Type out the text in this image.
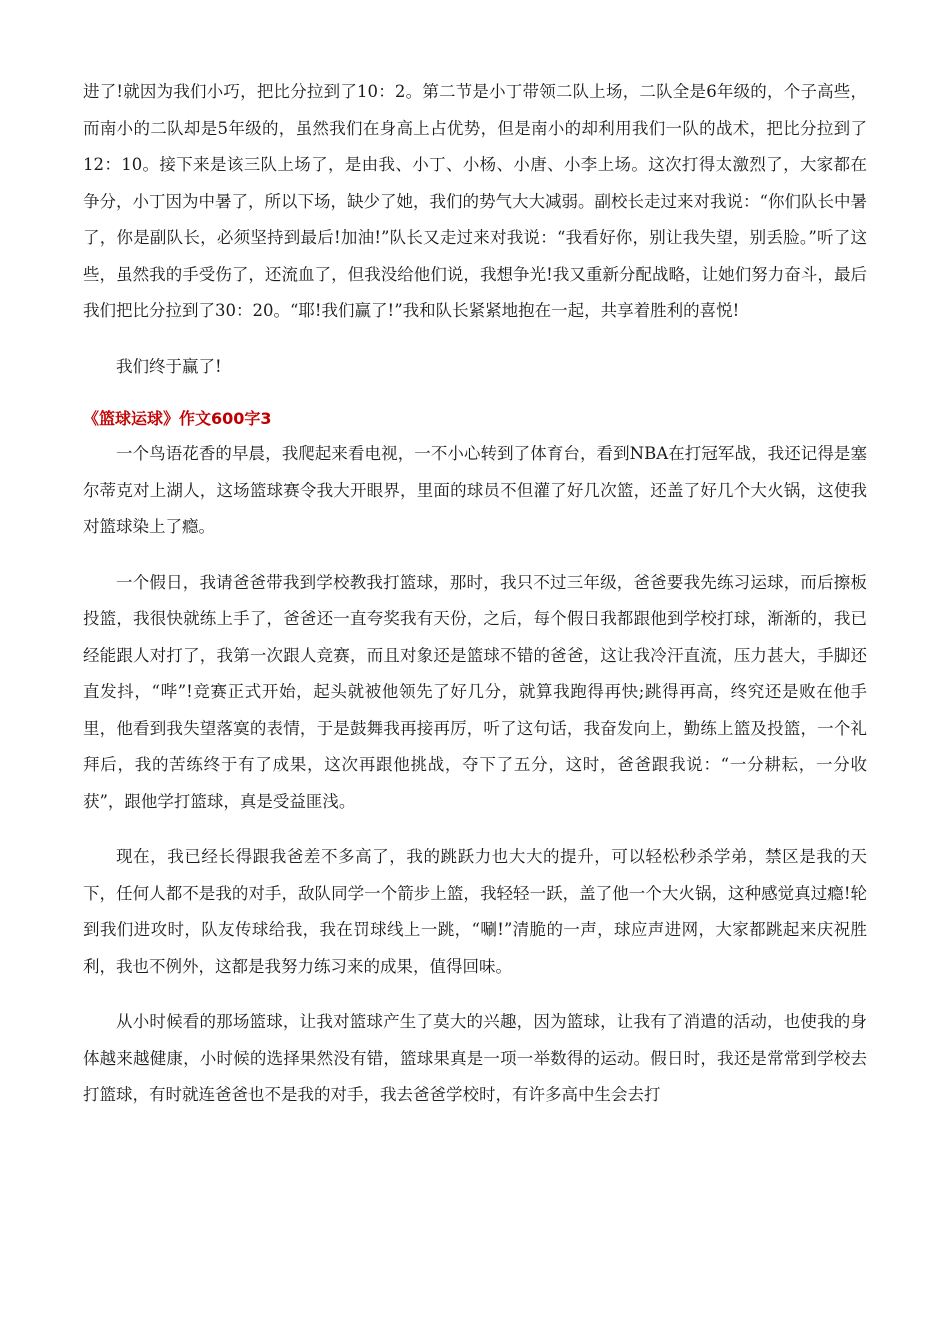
进了!就因为我们小巧，把比分拉到了10：2。第二节是小丁带领二队上场，二队全是6年级的，个子高些，而南小的二队却是5年级的，虽然我们在身高上占优势，但是南小的却利用我们一队的战术，把比分拉到了12：10。接下来是该三队上场了，是由我、小丁、小杨、小唐、小李上场。这次打得太激烈了，大家都在争分，小丁因为中暑了，所以下场，缺少了她，我们的势气大大减弱。副校长走过来对我说：“你们队长中暑了，你是副队长，必须坚持到最后!加油!”队长又走过来对我说：“我看好你，别让我失望，别丢脸。”听了这些，虽然我的手受伤了，还流血了，但我没给他们说，我想争光!我又重新分配战略，让她们努力奋斗，最后我们把比分拉到了30：20。“耶!我们赢了!”我和队长紧紧地抱在一起，共享着胜利的喜悦!

我们终于赢了!

《篮球运球》作文600字3

一个鸟语花香的早晨，我爬起来看电视，一不小心转到了体育台，看到NBA在打冠军战，我还记得是塞尔蒂克对上湖人，这场篮球赛令我大开眼界，里面的球员不但灌了好几次篮，还盖了好几个大火锅，这使我对篮球染上了瘾。

一个假日，我请爸爸带我到学校教我打篮球，那时，我只不过三年级，爸爸要我先练习运球，而后擦板投篮，我很快就练上手了，爸爸还一直夸奖我有天份，之后，每个假日我都跟他到学校打球，渐渐的，我已经能跟人对打了，我第一次跟人竞赛，而且对象还是篮球不错的爸爸，这让我冷汗直流，压力甚大，手脚还直发抖，“哔”!竞赛正式开始，起头就被他领先了好几分，就算我跑得再快;跳得再高，终究还是败在他手里，他看到我失望落寞的表情，于是鼓舞我再接再厉，听了这句话，我奋发向上，勤练上篮及投篮，一个礼拜后，我的苦练终于有了成果，这次再跟他挑战，夺下了五分，这时，爸爸跟我说：“一分耕耘，一分收获”，跟他学打篮球，真是受益匪浅。

现在，我已经长得跟我爸差不多高了，我的跳跃力也大大的提升，可以轻松秒杀学弟，禁区是我的天下，任何人都不是我的对手，敌队同学一个箭步上篮，我轻轻一跃，盖了他一个大火锅，这种感觉真过瘾!轮到我们进攻时，队友传球给我，我在罚球线上一跳，“唰!”清脆的一声，球应声进网，大家都跳起来庆祝胜利，我也不例外，这都是我努力练习来的成果，值得回味。

从小时候看的那场篮球，让我对篮球产生了莫大的兴趣，因为篮球，让我有了消遣的活动，也使我的身体越来越健康，小时候的选择果然没有错，篮球果真是一项一举数得的运动。假日时，我还是常常到学校去打篮球，有时就连爸爸也不是我的对手，我去爸爸学校时，有许多高中生会去打
